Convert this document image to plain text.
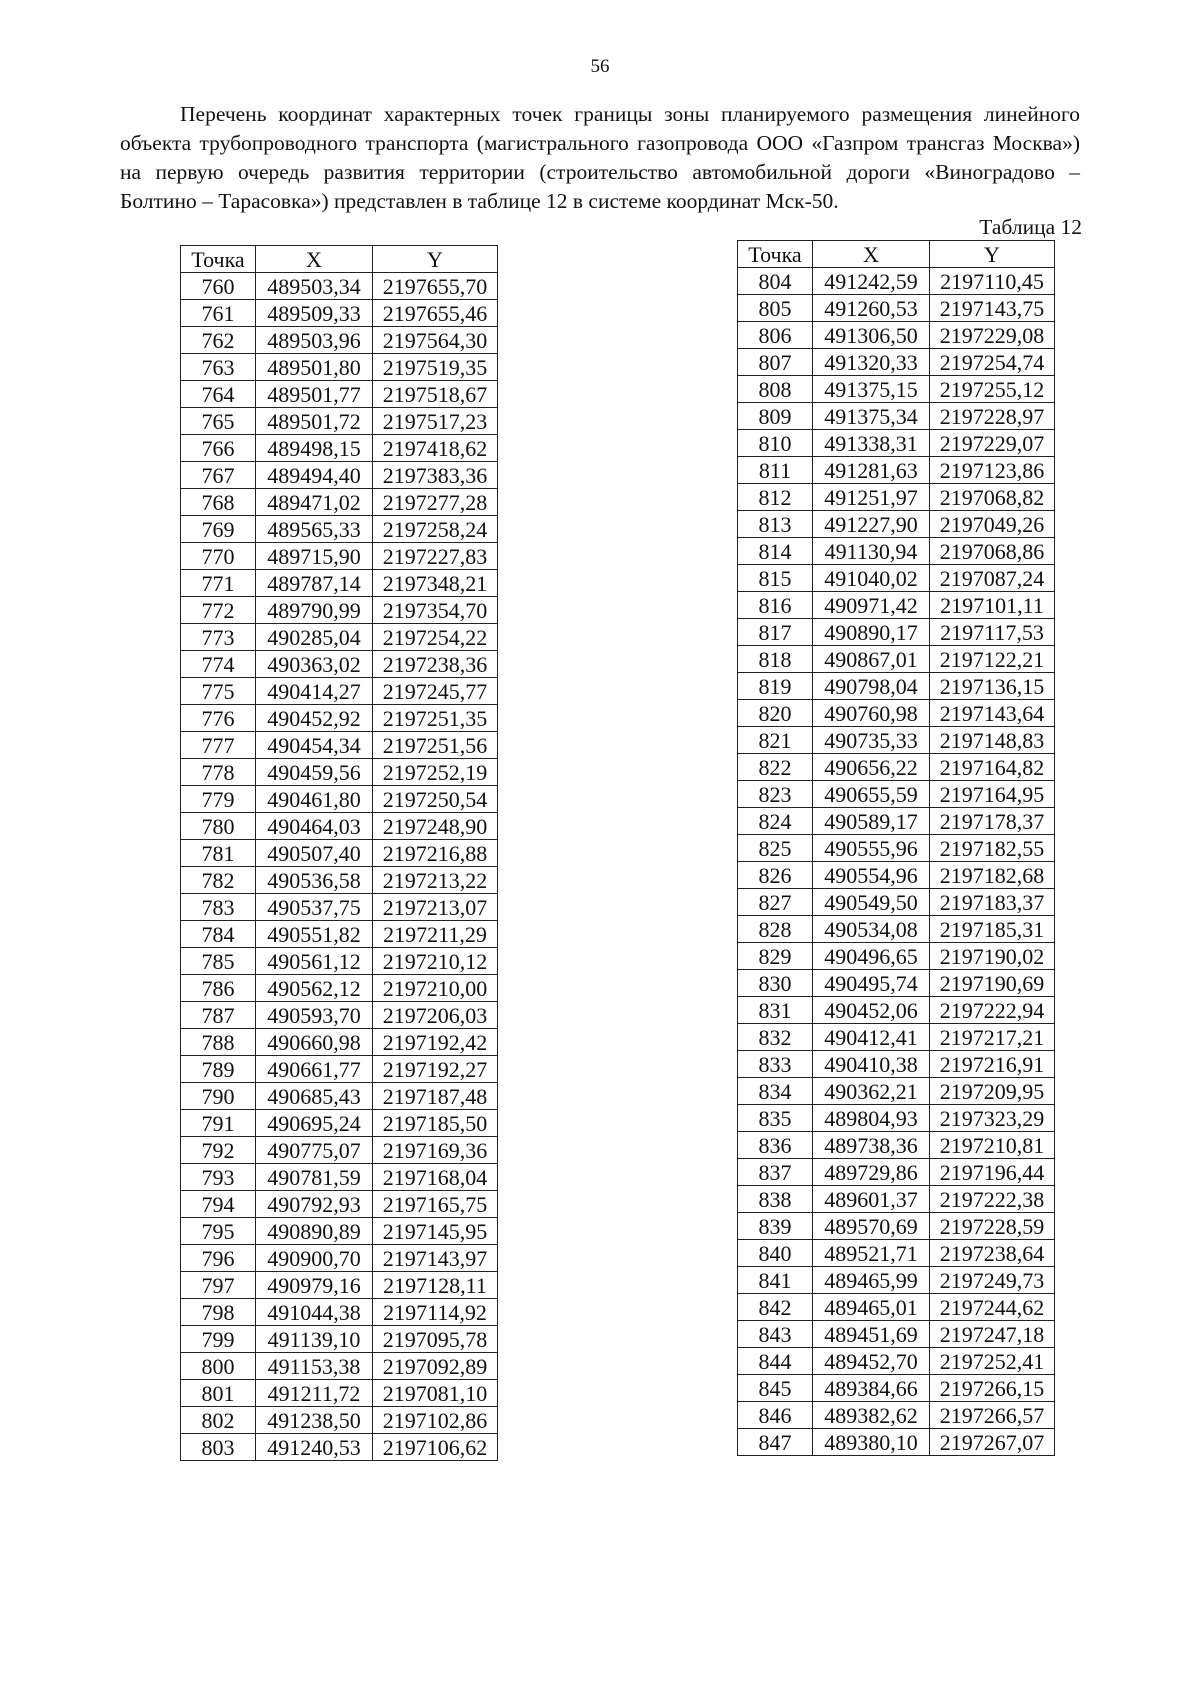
56

Перечень координат характерных точек границы зоны планируемого размещения линейного объекта трубопроводного транспорта (магистрального газопровода ООО «Газпром трансгаз Москва») на первую очередь развития территории (строительство автомобильной дороги «Виноградово – Болтино – Тарасовка») представлен в таблице 12 в системе координат Мск-50.

Таблица 12
Точка	X	Y
760	489503,34	2197655,70
761	489509,33	2197655,46
762	489503,96	2197564,30
763	489501,80	2197519,35
764	489501,77	2197518,67
765	489501,72	2197517,23
766	489498,15	2197418,62
767	489494,40	2197383,36
768	489471,02	2197277,28
769	489565,33	2197258,24
770	489715,90	2197227,83
771	489787,14	2197348,21
772	489790,99	2197354,70
773	490285,04	2197254,22
774	490363,02	2197238,36
775	490414,27	2197245,77
776	490452,92	2197251,35
777	490454,34	2197251,56
778	490459,56	2197252,19
779	490461,80	2197250,54
780	490464,03	2197248,90
781	490507,40	2197216,88
782	490536,58	2197213,22
783	490537,75	2197213,07
784	490551,82	2197211,29
785	490561,12	2197210,12
786	490562,12	2197210,00
787	490593,70	2197206,03
788	490660,98	2197192,42
789	490661,77	2197192,27
790	490685,43	2197187,48
791	490695,24	2197185,50
792	490775,07	2197169,36
793	490781,59	2197168,04
794	490792,93	2197165,75
795	490890,89	2197145,95
796	490900,70	2197143,97
797	490979,16	2197128,11
798	491044,38	2197114,92
799	491139,10	2197095,78
800	491153,38	2197092,89
801	491211,72	2197081,10
802	491238,50	2197102,86
803	491240,53	2197106,62
Точка	X	Y
804	491242,59	2197110,45
805	491260,53	2197143,75
806	491306,50	2197229,08
807	491320,33	2197254,74
808	491375,15	2197255,12
809	491375,34	2197228,97
810	491338,31	2197229,07
811	491281,63	2197123,86
812	491251,97	2197068,82
813	491227,90	2197049,26
814	491130,94	2197068,86
815	491040,02	2197087,24
816	490971,42	2197101,11
817	490890,17	2197117,53
818	490867,01	2197122,21
819	490798,04	2197136,15
820	490760,98	2197143,64
821	490735,33	2197148,83
822	490656,22	2197164,82
823	490655,59	2197164,95
824	490589,17	2197178,37
825	490555,96	2197182,55
826	490554,96	2197182,68
827	490549,50	2197183,37
828	490534,08	2197185,31
829	490496,65	2197190,02
830	490495,74	2197190,69
831	490452,06	2197222,94
832	490412,41	2197217,21
833	490410,38	2197216,91
834	490362,21	2197209,95
835	489804,93	2197323,29
836	489738,36	2197210,81
837	489729,86	2197196,44
838	489601,37	2197222,38
839	489570,69	2197228,59
840	489521,71	2197238,64
841	489465,99	2197249,73
842	489465,01	2197244,62
843	489451,69	2197247,18
844	489452,70	2197252,41
845	489384,66	2197266,15
846	489382,62	2197266,57
847	489380,10	2197267,07
